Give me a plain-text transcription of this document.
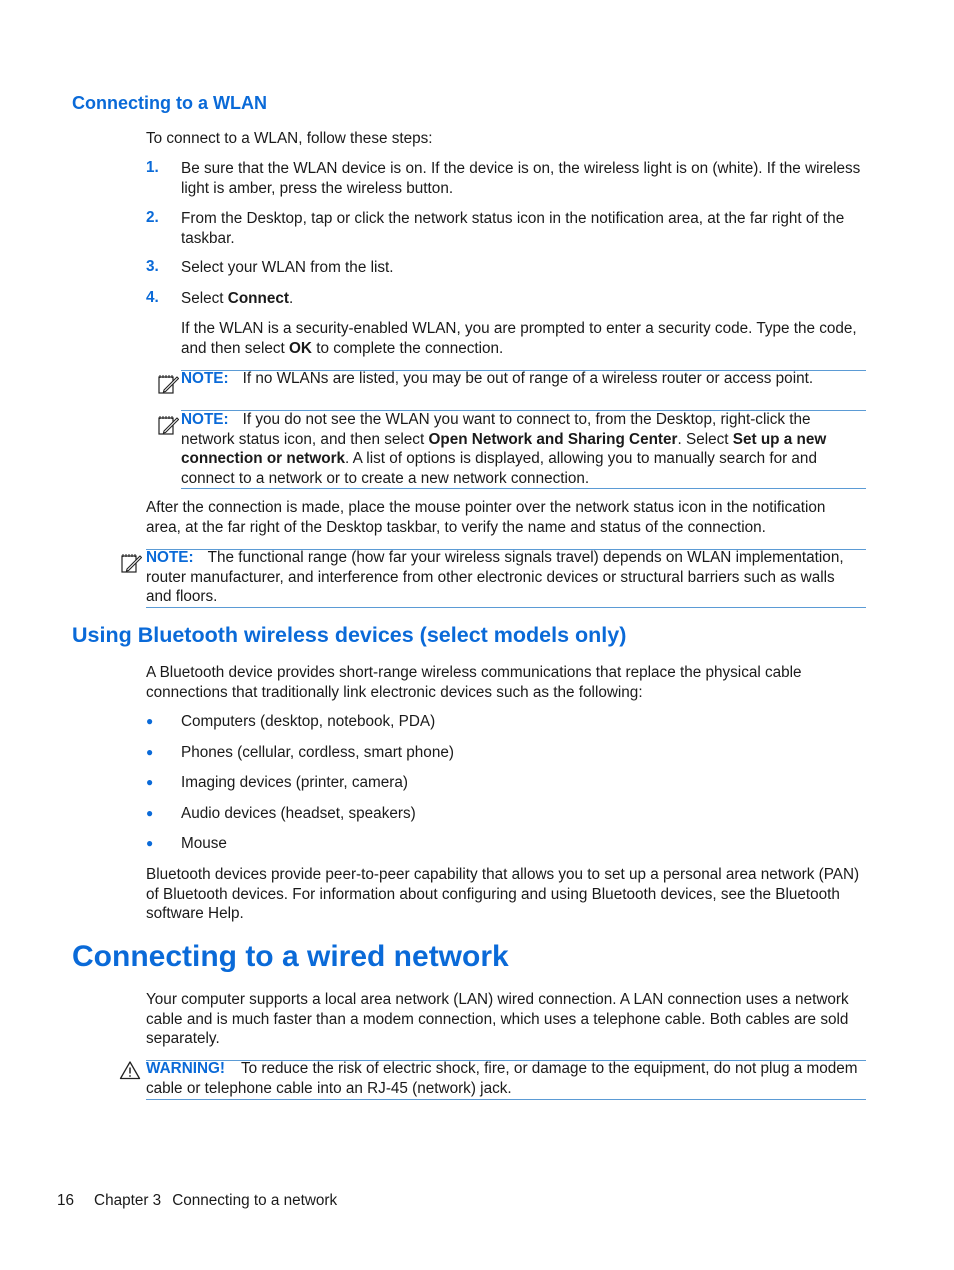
Connecting to a WLAN

To connect to a WLAN, follow these steps:

1. Be sure that the WLAN device is on. If the device is on, the wireless light is on (white). If the wireless light is amber, press the wireless button.
2. From the Desktop, tap or click the network status icon in the notification area, at the far right of the taskbar.
3. Select your WLAN from the list.
4. Select Connect.
If the WLAN is a security-enabled WLAN, you are prompted to enter a security code. Type the code, and then select OK to complete the connection.
NOTE: If no WLANs are listed, you may be out of range of a wireless router or access point.
NOTE: If you do not see the WLAN you want to connect to, from the Desktop, right-click the network status icon, and then select Open Network and Sharing Center. Select Set up a new connection or network. A list of options is displayed, allowing you to manually search for and connect to a network or to create a new network connection.

After the connection is made, place the mouse pointer over the network status icon in the notification area, at the far right of the Desktop taskbar, to verify the name and status of the connection.

NOTE: The functional range (how far your wireless signals travel) depends on WLAN implementation, router manufacturer, and interference from other electronic devices or structural barriers such as walls and floors.
Using Bluetooth wireless devices (select models only)

A Bluetooth device provides short-range wireless communications that replace the physical cable connections that traditionally link electronic devices such as the following:

● Computers (desktop, notebook, PDA)
● Phones (cellular, cordless, smart phone)
● Imaging devices (printer, camera)
● Audio devices (headset, speakers)
● Mouse

Bluetooth devices provide peer-to-peer capability that allows you to set up a personal area network (PAN) of Bluetooth devices. For information about configuring and using Bluetooth devices, see the Bluetooth software Help.

Connecting to a wired network

Your computer supports a local area network (LAN) wired connection. A LAN connection uses a network cable and is much faster than a modem connection, which uses a telephone cable. Both cables are sold separately.

WARNING! To reduce the risk of electric shock, fire, or damage to the equipment, do not plug a modem cable or telephone cable into an RJ-45 (network) jack.
16 Chapter 3 Connecting to a network
